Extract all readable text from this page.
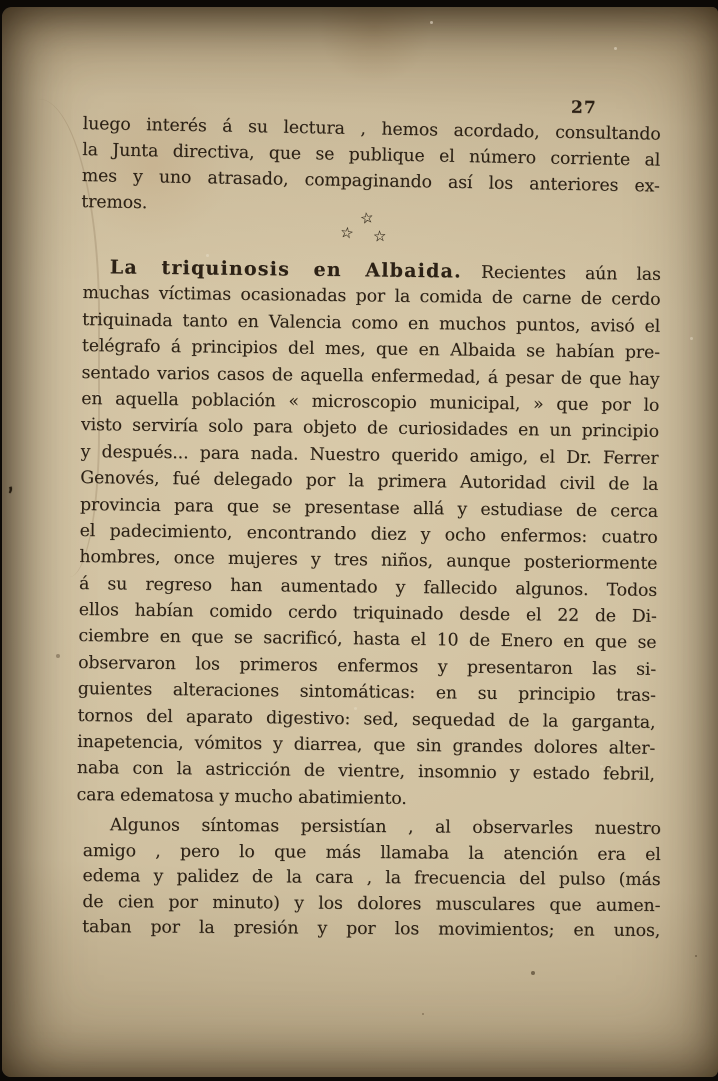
,
27
luego interés á su lectura , hemos acordado, consultando
la Junta directiva, que se publique el número corriente al
mes y uno atrasado, compaginando así los anteriores ex-
tremos.
☆
☆ ☆
La triquinosis en Albaida. Recientes aún las
muchas víctimas ocasionadas por la comida de carne de cerdo
triquinada tanto en Valencia como en muchos puntos, avisó el
telégrafo á principios del mes, que en Albaida se habían pre-
sentado varios casos de aquella enfermedad, á pesar de que hay
en aquella población « microscopio municipal, » que por lo
visto serviría solo para objeto de curiosidades en un principio
y después... para nada. Nuestro querido amigo, el Dr. Ferrer
Genovés, fué delegado por la primera Autoridad civil de la
provincia para que se presentase allá y estudiase de cerca
el padecimiento, encontrando diez y ocho enfermos: cuatro
hombres, once mujeres y tres niños, aunque posteriormente
á su regreso han aumentado y fallecido algunos. Todos
ellos habían comido cerdo triquinado desde el 22 de Di-
ciembre en que se sacrificó, hasta el 10 de Enero en que se
observaron los primeros enfermos y presentaron las si-
guientes alteraciones sintomáticas: en su principio tras-
tornos del aparato digestivo: sed, sequedad de la garganta,
inapetencia, vómitos y diarrea, que sin grandes dolores alter-
naba con la astricción de vientre, insomnio y estado febril,
cara edematosa y mucho abatimiento.
Algunos síntomas persistían , al observarles nuestro
amigo , pero lo que más llamaba la atención era el
edema y palidez de la cara , la frecuencia del pulso (más
de cien por minuto) y los dolores musculares que aumen-
taban por la presión y por los movimientos; en unos,
